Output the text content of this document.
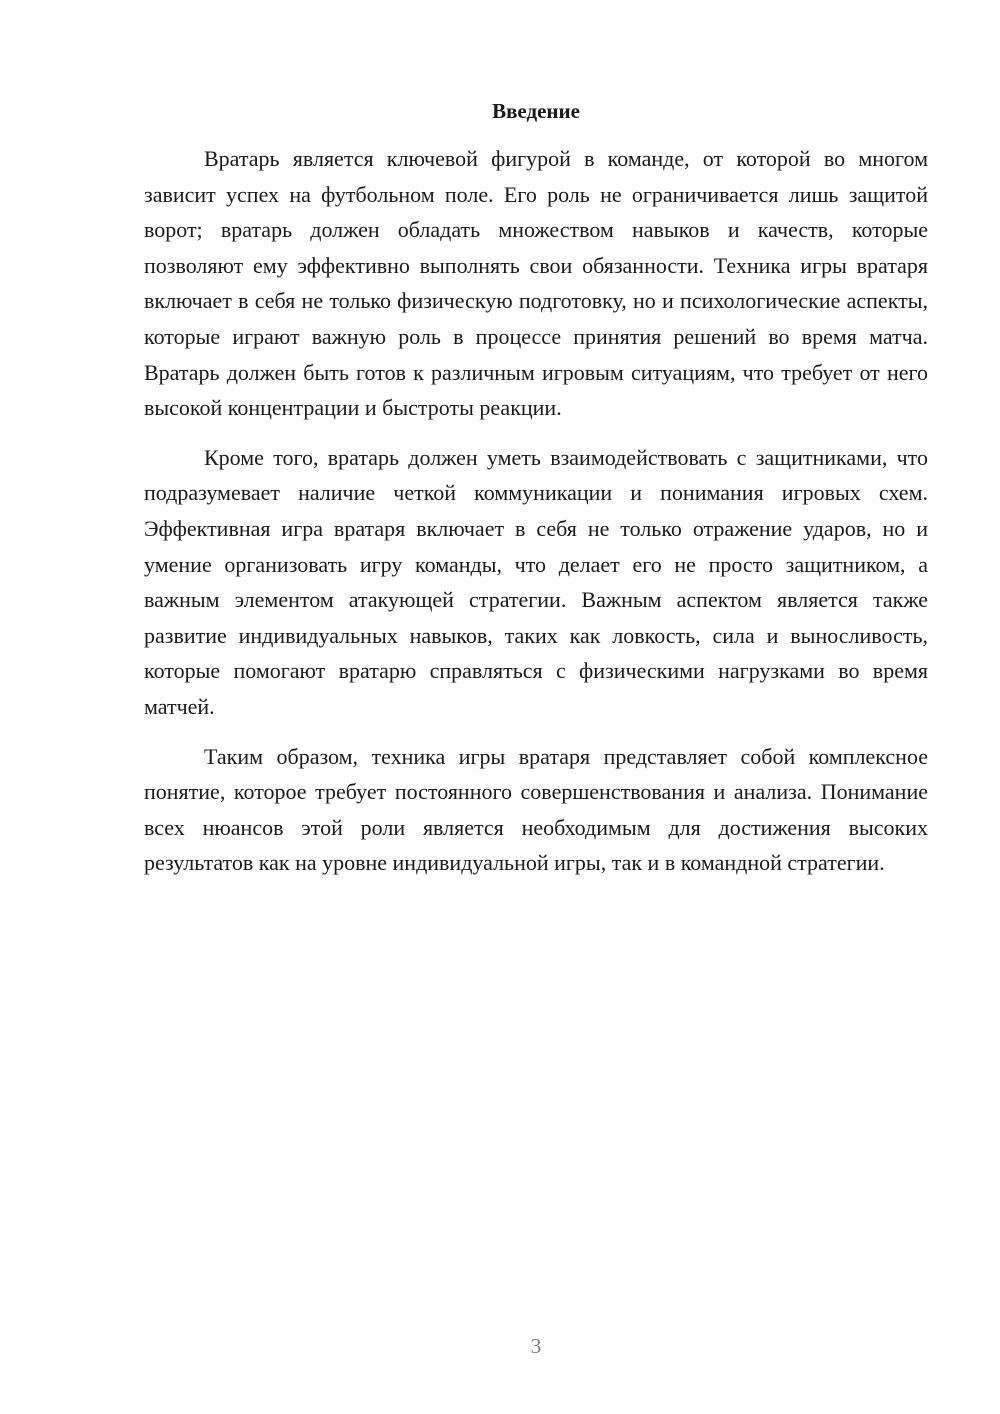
Введение

Вратарь является ключевой фигурой в команде, от которой во многом зависит успех на футбольном поле. Его роль не ограничивается лишь защитой ворот; вратарь должен обладать множеством навыков и качеств, которые позволяют ему эффективно выполнять свои обязанности. Техника игры вратаря включает в себя не только физическую подготовку, но и психологические аспекты, которые играют важную роль в процессе принятия решений во время матча. Вратарь должен быть готов к различным игровым ситуациям, что требует от него высокой концентрации и быстроты реакции.

Кроме того, вратарь должен уметь взаимодействовать с защитниками, что подразумевает наличие четкой коммуникации и понимания игровых схем. Эффективная игра вратаря включает в себя не только отражение ударов, но и умение организовать игру команды, что делает его не просто защитником, а важным элементом атакующей стратегии. Важным аспектом является также развитие индивидуальных навыков, таких как ловкость, сила и выносливость, которые помогают вратарю справляться с физическими нагрузками во время матчей.

Таким образом, техника игры вратаря представляет собой комплексное понятие, которое требует постоянного совершенствования и анализа. Понимание всех нюансов этой роли является необходимым для достижения высоких результатов как на уровне индивидуальной игры, так и в командной стратегии.

3
